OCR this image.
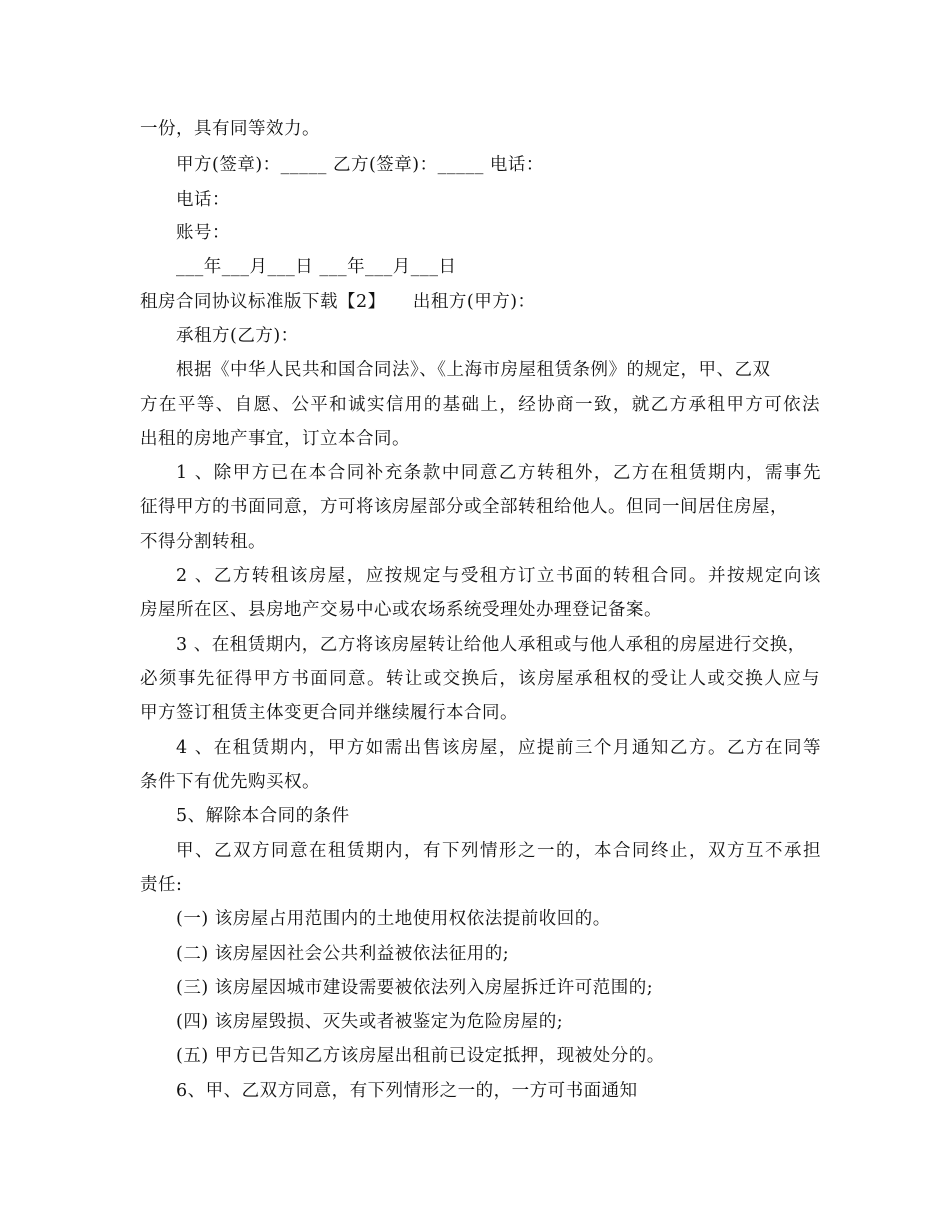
一份，具有同等效力。
甲方(签章)：_____ 乙方(签章)：_____ 电话：
电话：
账号：
___年___月___日 ___年___月___日
租房合同协议标准版下载【2】　　出租方(甲方)：
承租方(乙方)：
根据《中华人民共和国合同法》、《上海市房屋租赁条例》的规定，甲、乙双
方在平等、自愿、公平和诚实信用的基础上，经协商一致，就乙方承租甲方可依法
出租的房地产事宜，订立本合同。
1 、除甲方已在本合同补充条款中同意乙方转租外，乙方在租赁期内，需事先
征得甲方的书面同意，方可将该房屋部分或全部转租给他人。但同一间居住房屋，
不得分割转租。
2 、乙方转租该房屋，应按规定与受租方订立书面的转租合同。并按规定向该
房屋所在区、县房地产交易中心或农场系统受理处办理登记备案。
3 、在租赁期内，乙方将该房屋转让给他人承租或与他人承租的房屋进行交换，
必须事先征得甲方书面同意。转让或交换后，该房屋承租权的受让人或交换人应与
甲方签订租赁主体变更合同并继续履行本合同。
4 、在租赁期内，甲方如需出售该房屋，应提前三个月通知乙方。乙方在同等
条件下有优先购买权。
5、解除本合同的条件
甲、乙双方同意在租赁期内，有下列情形之一的，本合同终止，双方互不承担
责任:
(一) 该房屋占用范围内的土地使用权依法提前收回的。
(二) 该房屋因社会公共利益被依法征用的;
(三) 该房屋因城市建设需要被依法列入房屋拆迁许可范围的;
(四) 该房屋毁损、灭失或者被鉴定为危险房屋的;
(五) 甲方已告知乙方该房屋出租前已设定抵押，现被处分的。
6、甲、乙双方同意，有下列情形之一的，一方可书面通知
